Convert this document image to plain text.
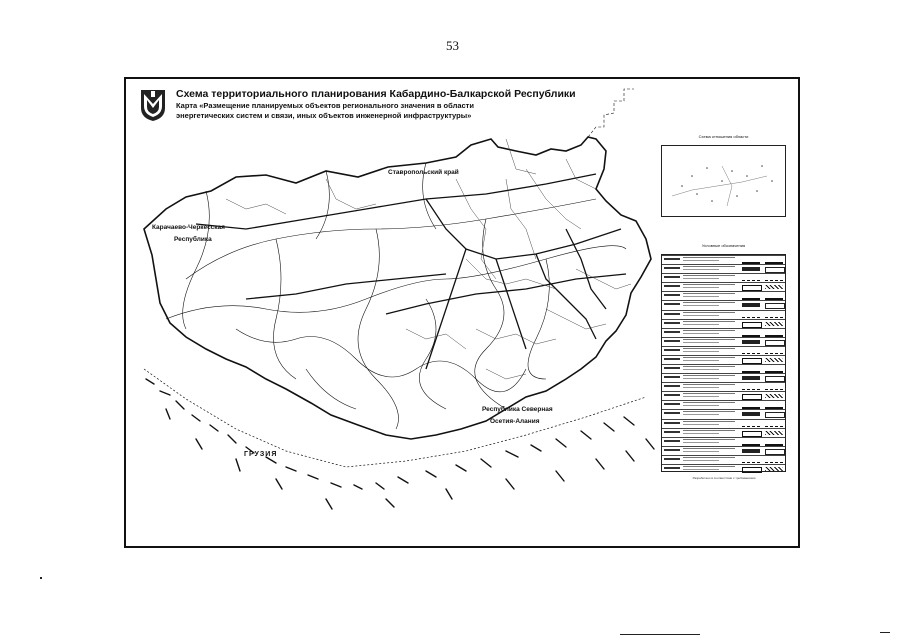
53
Схема территориального планирования Кабардино-Балкарской Республики
Карта «Размещение планируемых объектов регионального значения в области
энергетических систем и связи, иных объектов инженерной инфраструктуры»
Ставропольский край
Карачаево-Черкесская
Республика
Республика Северная
Осетия-Алания
ГРУЗИЯ
Схема отношения области
Условные обозначения
Разработано в соответствии с требованиями
